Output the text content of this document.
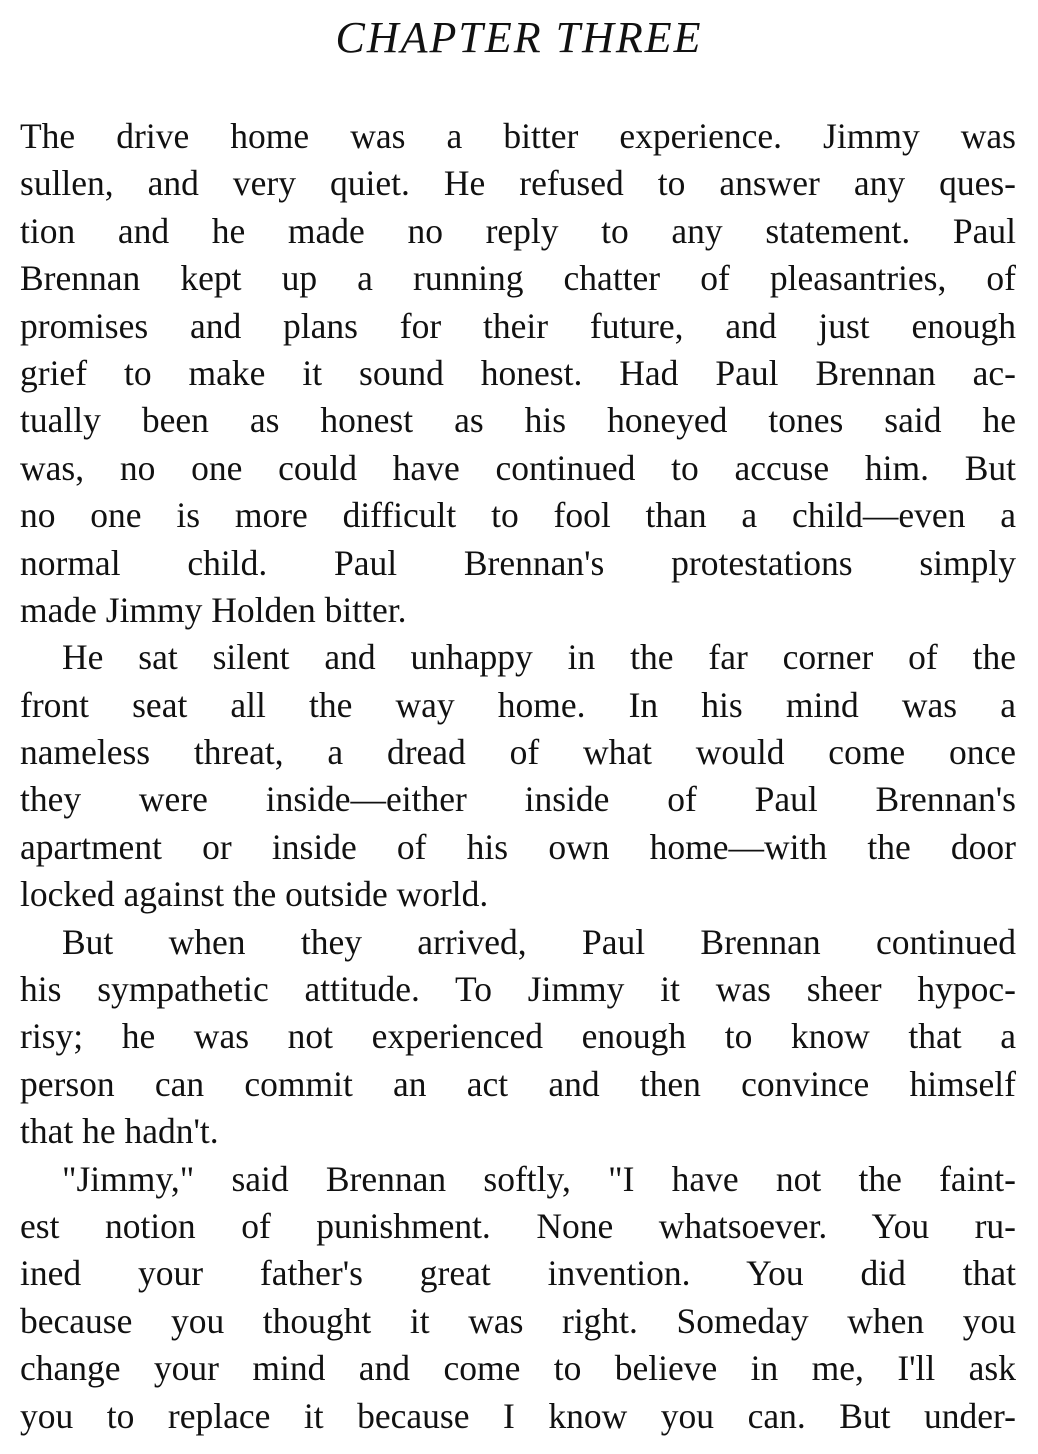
CHAPTER THREE
The drive home was a bitter experience. Jimmy was
sullen, and very quiet. He refused to answer any ques-
tion and he made no reply to any statement. Paul
Brennan kept up a running chatter of pleasantries, of
promises and plans for their future, and just enough
grief to make it sound honest. Had Paul Brennan ac-
tually been as honest as his honeyed tones said he
was, no one could have continued to accuse him. But
no one is more difficult to fool than a child—even a
normal child. Paul Brennan's protestations simply
made Jimmy Holden bitter.
He sat silent and unhappy in the far corner of the
front seat all the way home. In his mind was a
nameless threat, a dread of what would come once
they were inside—either inside of Paul Brennan's
apartment or inside of his own home—with the door
locked against the outside world.
But when they arrived, Paul Brennan continued
his sympathetic attitude. To Jimmy it was sheer hypoc-
risy; he was not experienced enough to know that a
person can commit an act and then convince himself
that he hadn't.
"Jimmy," said Brennan softly, "I have not the faint-
est notion of punishment. None whatsoever. You ru-
ined your father's great invention. You did that
because you thought it was right. Someday when you
change your mind and come to believe in me, I'll ask
you to replace it because I know you can. But under-
